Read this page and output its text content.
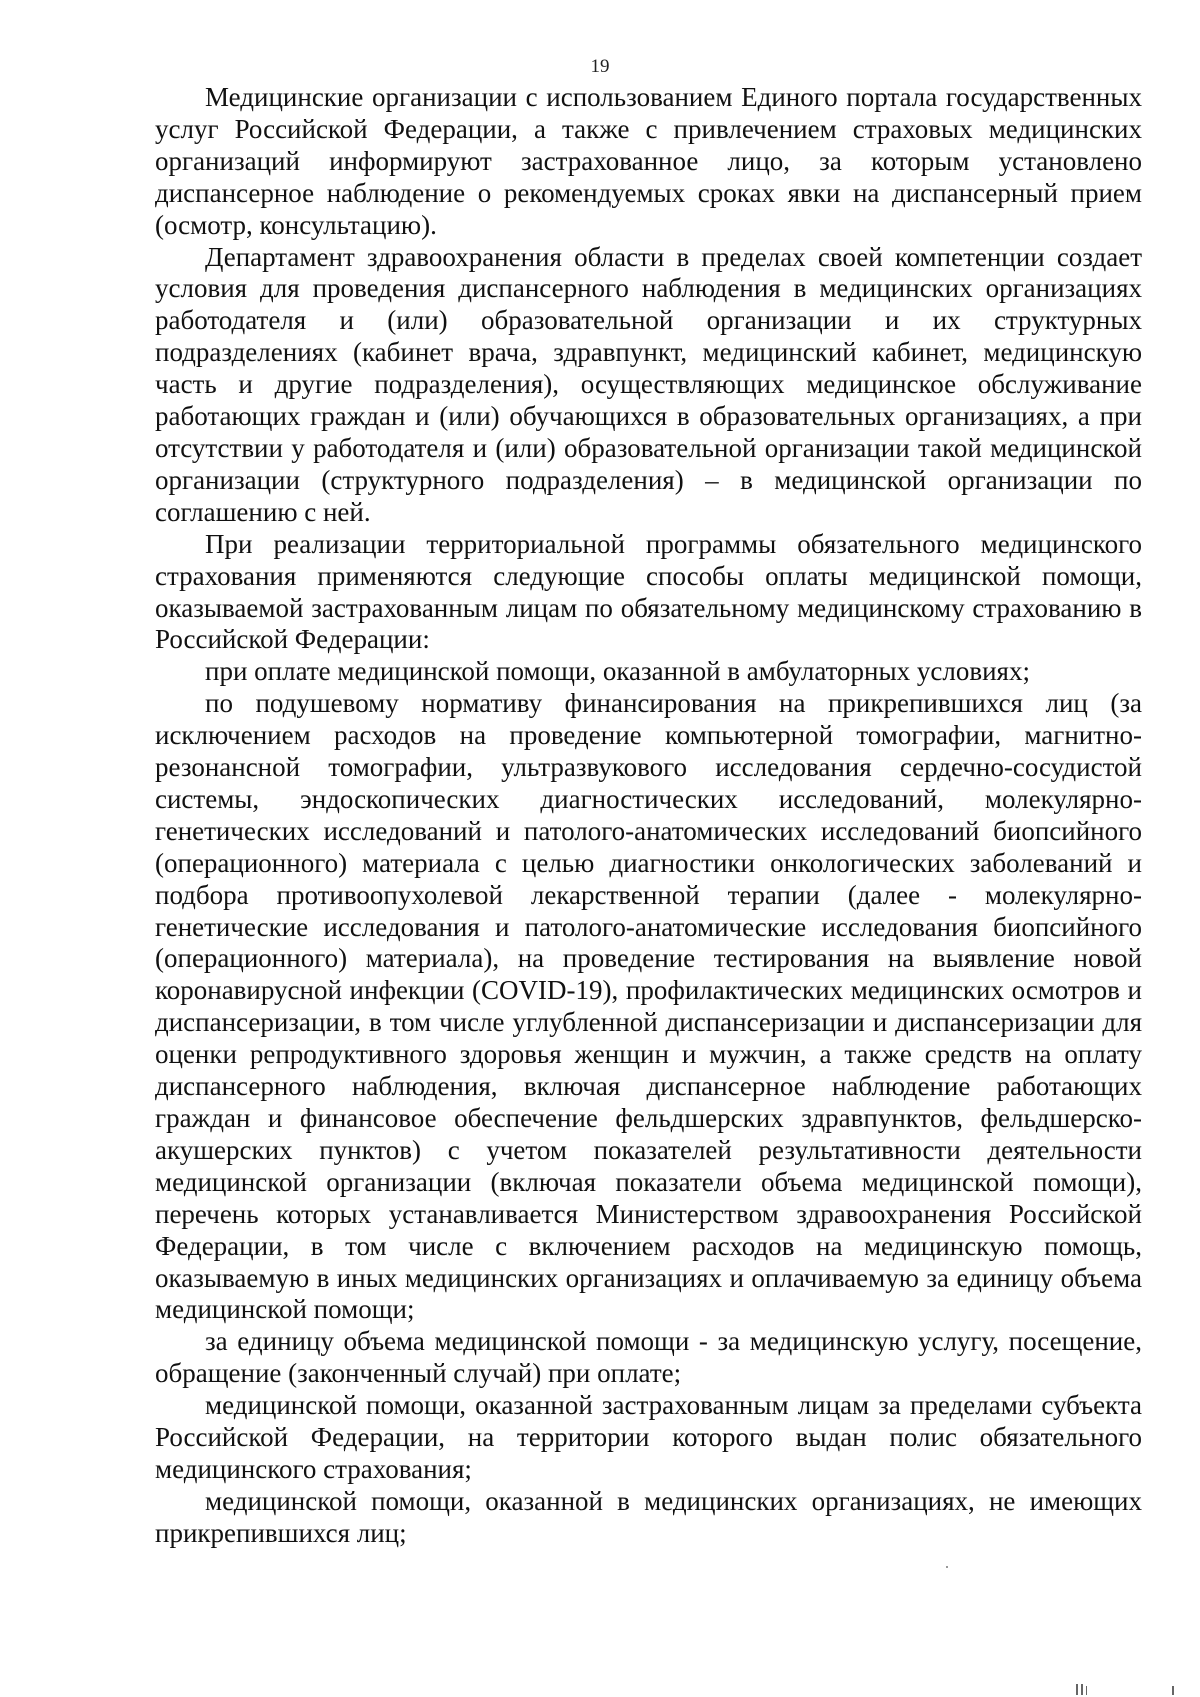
19

Медицинские организации с использованием Единого портала государственных услуг Российской Федерации, а также с привлечением страховых медицинских организаций информируют застрахованное лицо, за которым установлено диспансерное наблюдение о рекомендуемых сроках явки на диспансерный прием (осмотр, консультацию).

Департамент здравоохранения области в пределах своей компетенции создает условия для проведения диспансерного наблюдения в медицинских организациях работодателя и (или) образовательной организации и их структурных подразделениях (кабинет врача, здравпункт, медицинский кабинет, медицинскую часть и другие подразделения), осуществляющих медицинское обслуживание работающих граждан и (или) обучающихся в образовательных организациях, а при отсутствии у работодателя и (или) образовательной организации такой медицинской организации (структурного подразделения) – в медицинской организации по соглашению с ней.

При реализации территориальной программы обязательного медицинского страхования применяются следующие способы оплаты медицинской помощи, оказываемой застрахованным лицам по обязательному медицинскому страхованию в Российской Федерации:

при оплате медицинской помощи, оказанной в амбулаторных условиях;

по подушевому нормативу финансирования на прикрепившихся лиц (за исключением расходов на проведение компьютерной томографии, магнитно-резонансной томографии, ультразвукового исследования сердечно-сосудистой системы, эндоскопических диагностических исследований, молекулярно-генетических исследований и патолого-анатомических исследований биопсийного (операционного) материала с целью диагностики онкологических заболеваний и подбора противоопухолевой лекарственной терапии (далее - молекулярно-генетические исследования и патолого-анатомические исследования биопсийного (операционного) материала), на проведение тестирования на выявление новой коронавирусной инфекции (COVID-19), профилактических медицинских осмотров и диспансеризации, в том числе углубленной диспансеризации и диспансеризации для оценки репродуктивного здоровья женщин и мужчин, а также средств на оплату диспансерного наблюдения, включая диспансерное наблюдение работающих граждан и финансовое обеспечение фельдшерских здравпунктов, фельдшерско-акушерских пунктов) с учетом показателей результативности деятельности медицинской организации (включая показатели объема медицинской помощи), перечень которых устанавливается Министерством здравоохранения Российской Федерации, в том числе с включением расходов на медицинскую помощь, оказываемую в иных медицинских организациях и оплачиваемую за единицу объема медицинской помощи;

за единицу объема медицинской помощи - за медицинскую услугу, посещение, обращение (законченный случай) при оплате;

медицинской помощи, оказанной застрахованным лицам за пределами субъекта Российской Федерации, на территории которого выдан полис обязательного медицинского страхования;

медицинской помощи, оказанной в медицинских организациях, не имеющих прикрепившихся лиц;
